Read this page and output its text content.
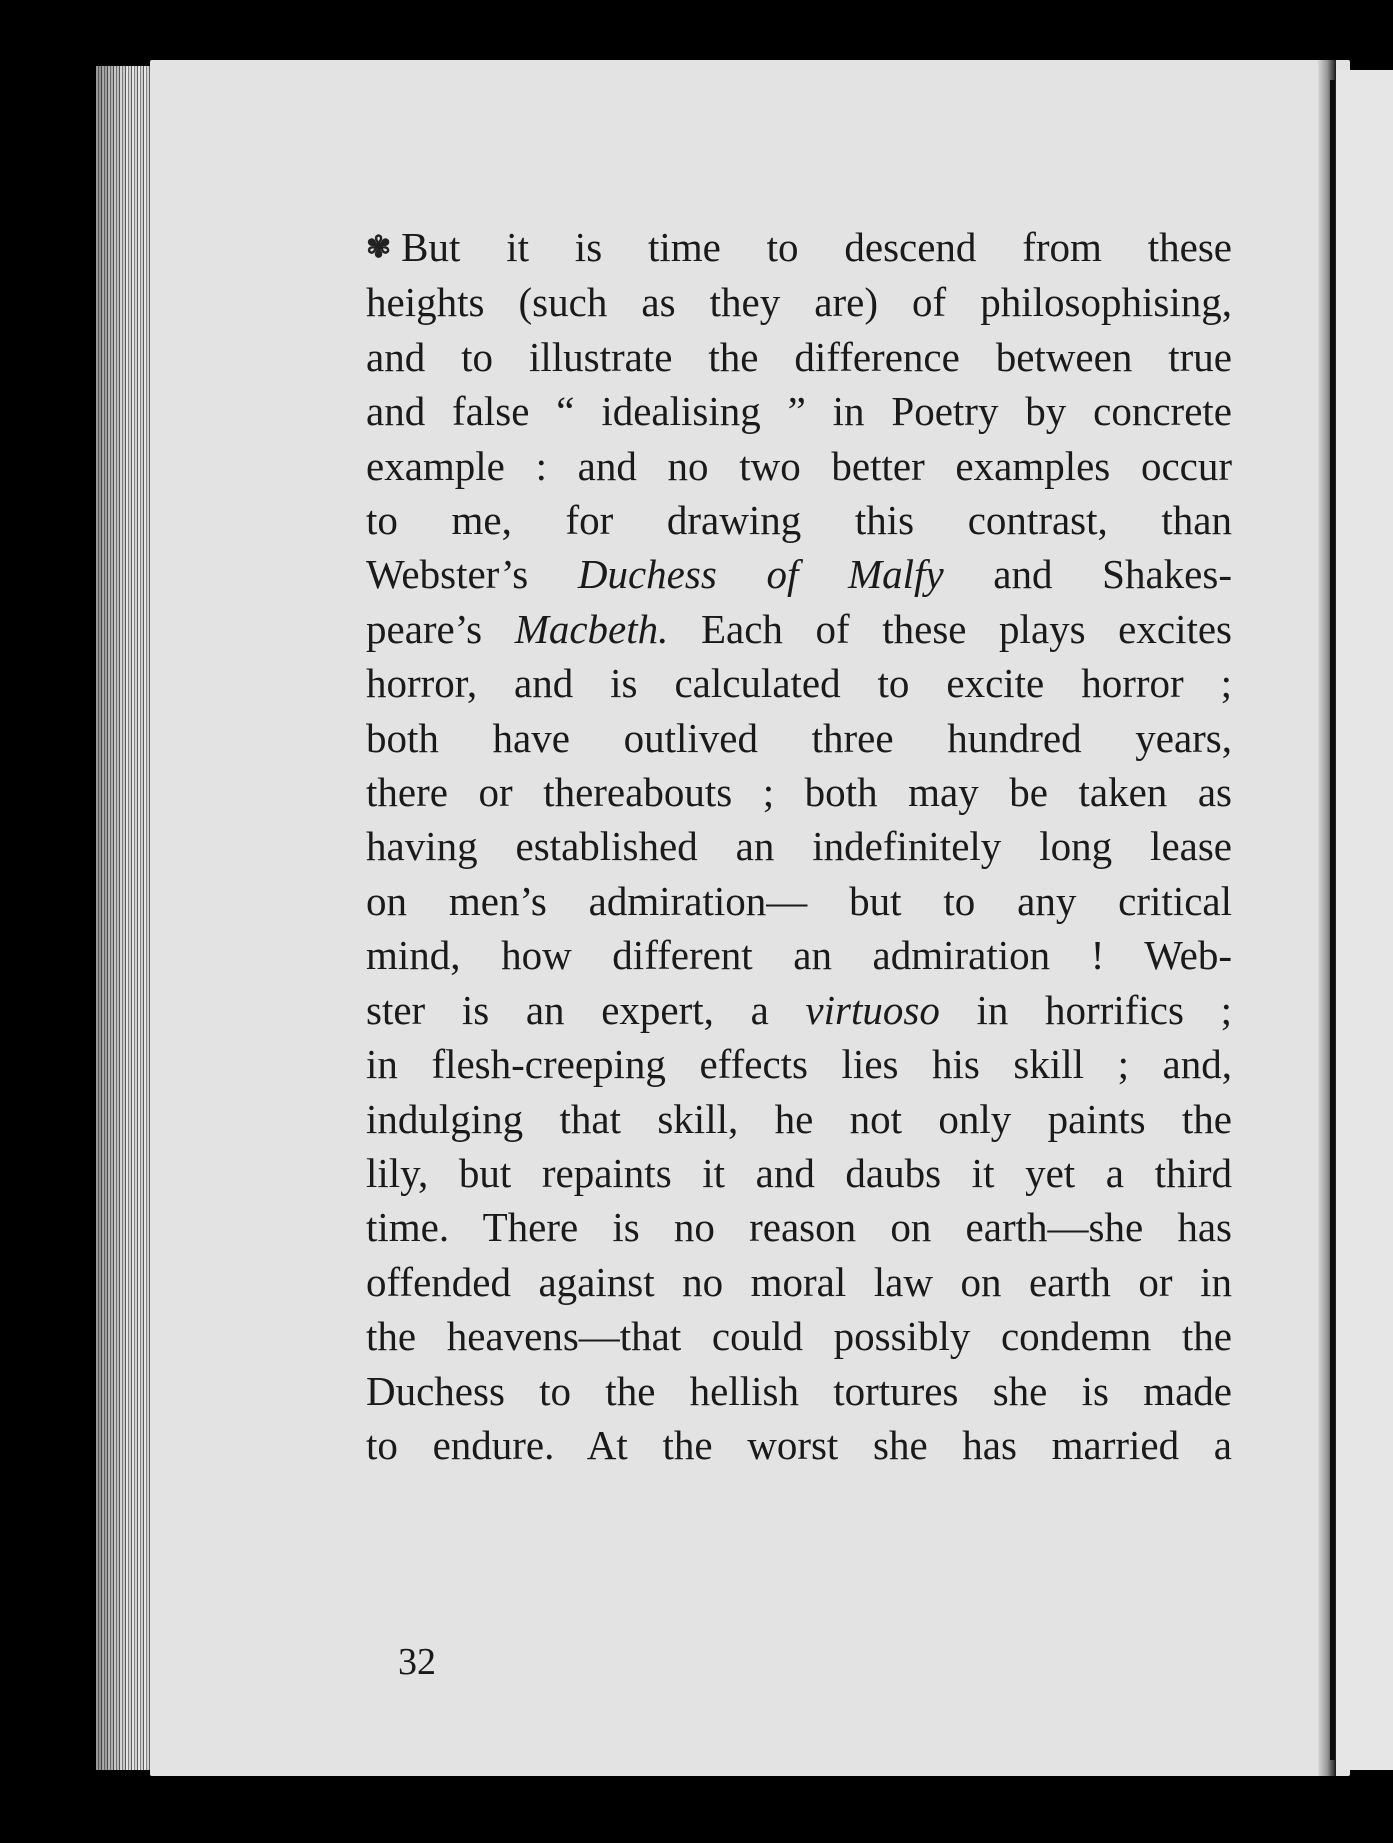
✾ But it is time to descend from these
heights (such as they are) of philosophising,
and to illustrate the difference between true
and false “ idealising ” in Poetry by concrete
example : and no two better examples occur
to me, for drawing this contrast, than
Webster’s Duchess of Malfy and Shakes-
peare’s Macbeth. Each of these plays excites
horror, and is calculated to excite horror ;
both have outlived three hundred years,
there or thereabouts ; both may be taken as
having established an indefinitely long lease
on men’s admiration— but to any critical
mind, how different an admiration ! Web-
ster is an expert, a virtuoso in horrifics ;
in flesh-creeping effects lies his skill ; and,
indulging that skill, he not only paints the
lily, but repaints it and daubs it yet a third
time. There is no reason on earth—she has
offended against no moral law on earth or in
the heavens—that could possibly condemn the
Duchess to the hellish tortures she is made
to endure. At the worst she has married a
32
